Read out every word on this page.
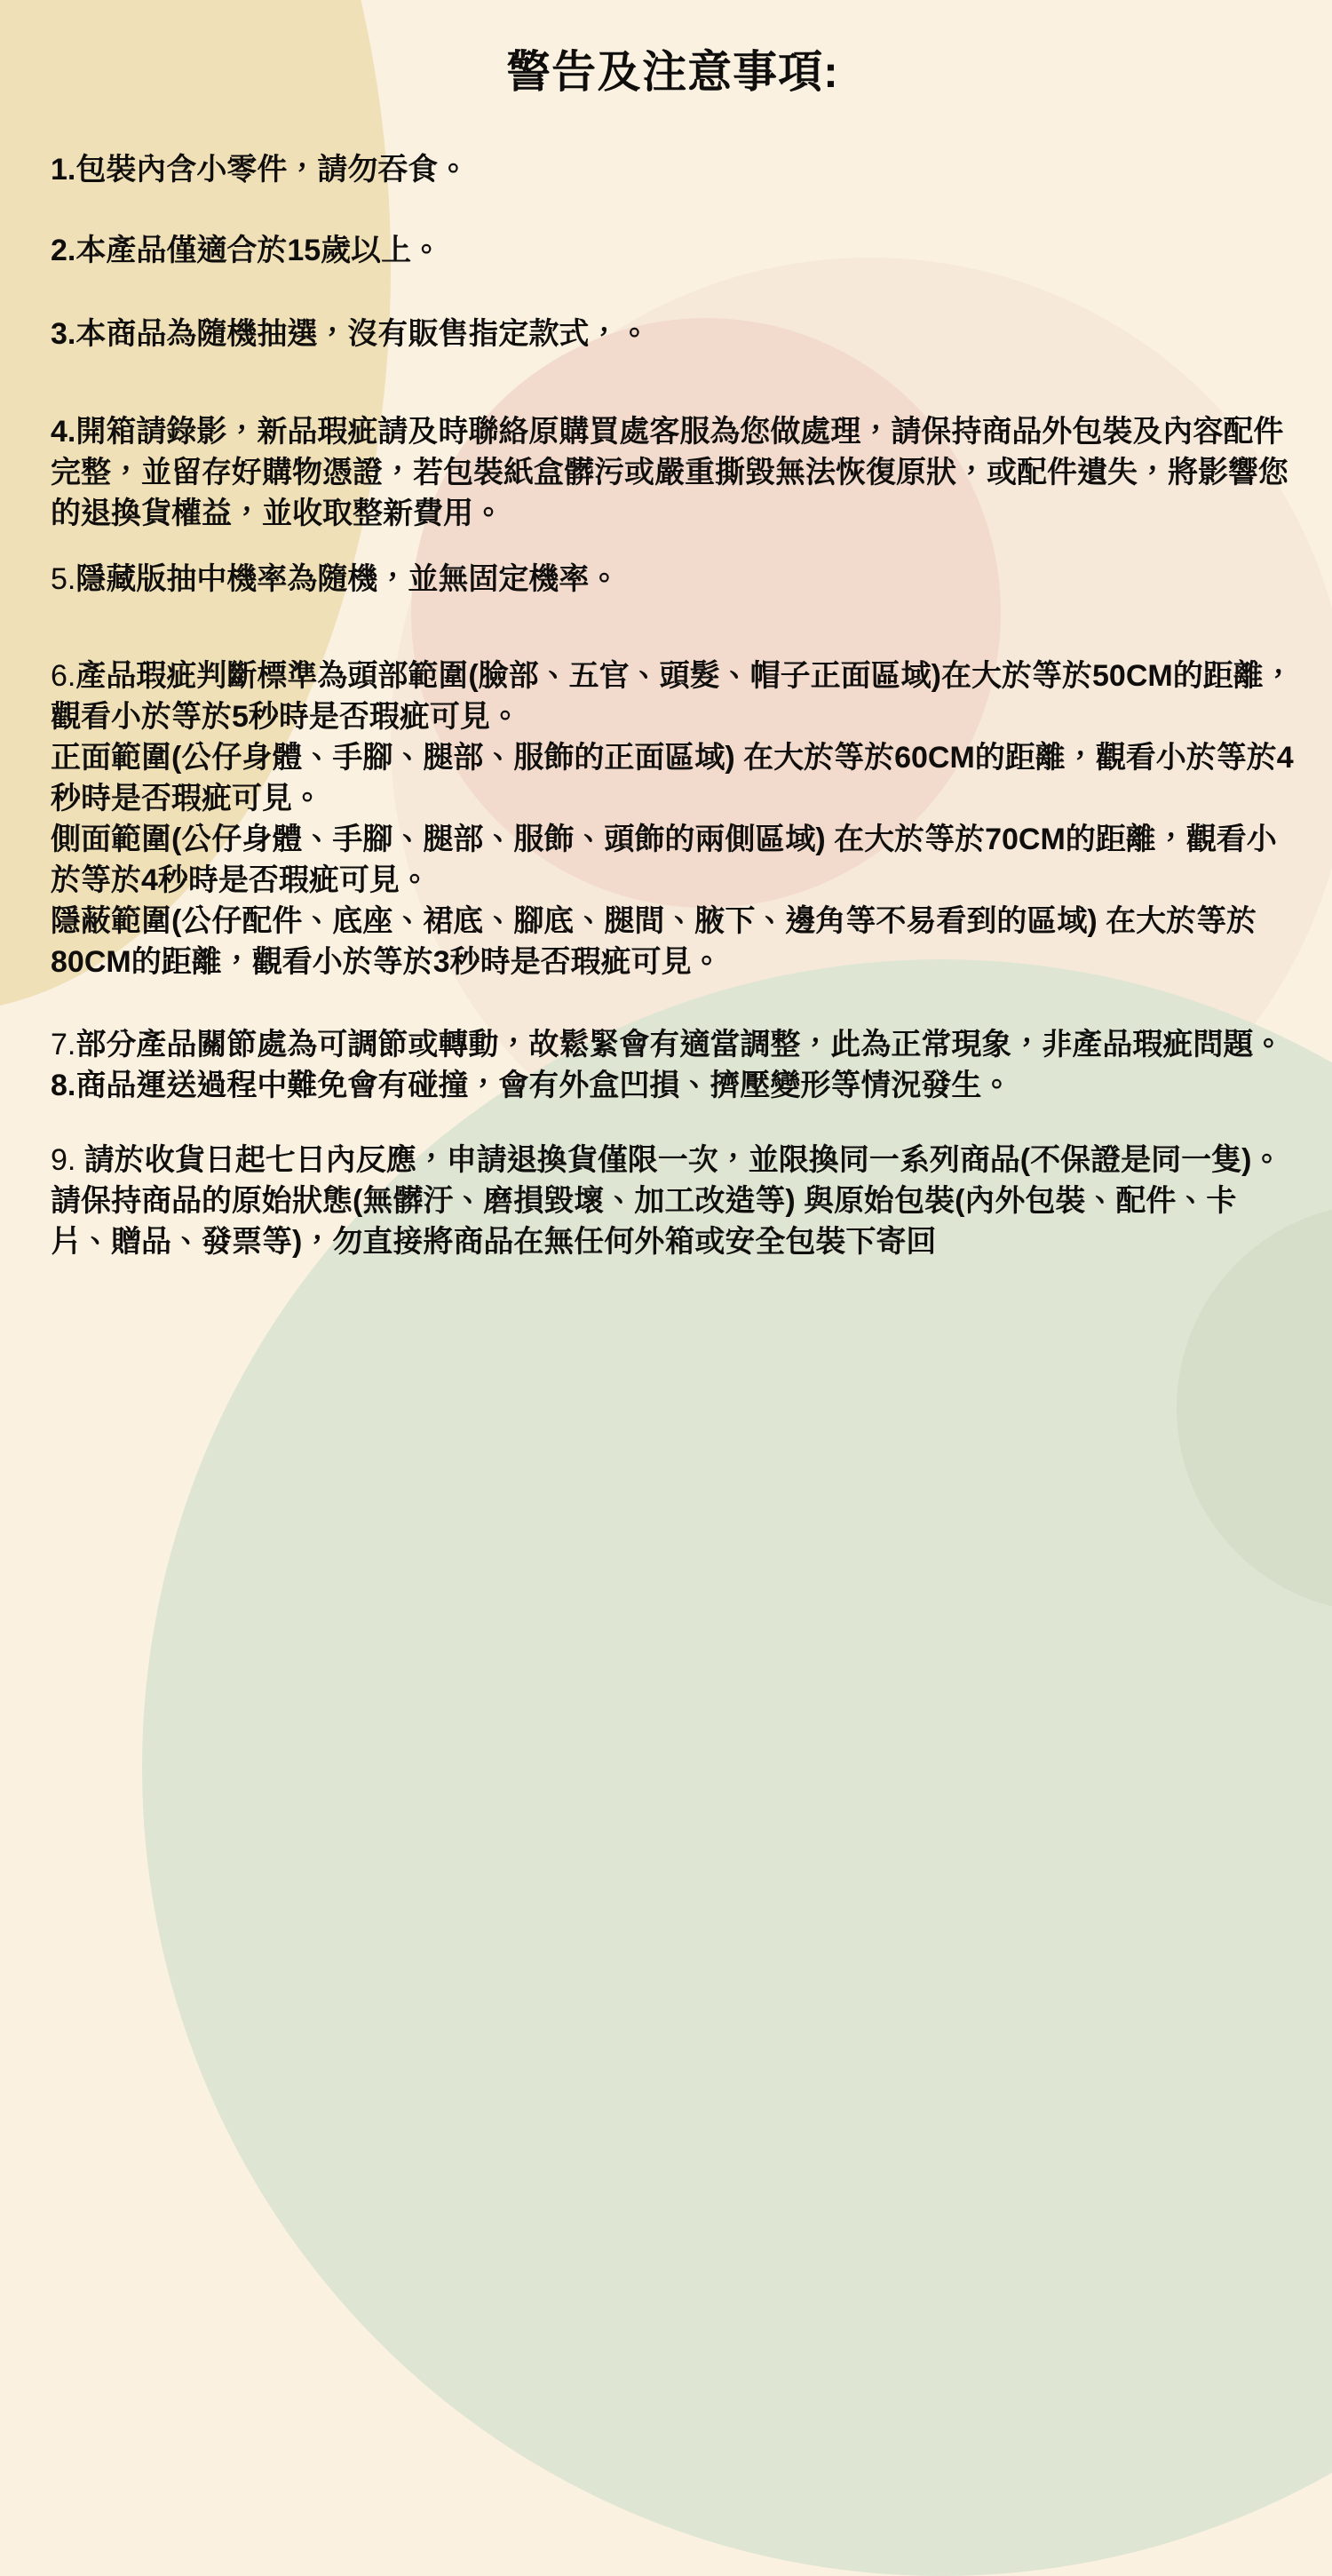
警告及注意事項:

1.包裝內含小零件，請勿吞食。

2.本產品僅適合於15歲以上。

3.本商品為隨機抽選，沒有販售指定款式，。

4.開箱請錄影，新品瑕疵請及時聯絡原購買處客服為您做處理，請保持商品外包裝及內容配件完整，並留存好購物憑證，若包裝紙盒髒污或嚴重撕毀無法恢復原狀，或配件遺失，將影響您的退換貨權益，並收取整新費用。

5.隱藏版抽中機率為隨機，並無固定機率。

6.產品瑕疵判斷標準為頭部範圍(臉部、五官、頭髮、帽子正面區域)在大於等於50CM的距離，觀看小於等於5秒時是否瑕疵可見。

正面範圍(公仔身體、手腳、腿部、服飾的正面區域) 在大於等於60CM的距離，觀看小於等於4秒時是否瑕疵可見。

側面範圍(公仔身體、手腳、腿部、服飾、頭飾的兩側區域) 在大於等於70CM的距離，觀看小於等於4秒時是否瑕疵可見。

隱蔽範圍(公仔配件、底座、裙底、腳底、腿間、腋下、邊角等不易看到的區域) 在大於等於80CM的距離，觀看小於等於3秒時是否瑕疵可見。

7.部分產品關節處為可調節或轉動，故鬆緊會有適當調整，此為正常現象，非產品瑕疵問題。

8.商品運送過程中難免會有碰撞，會有外盒凹損、擠壓變形等情況發生。

9. 請於收貨日起七日內反應，申請退換貨僅限一次，並限換同一系列商品(不保證是同一隻)。請保持商品的原始狀態(無髒汙、磨損毀壞、加工改造等) 與原始包裝(內外包裝、配件、卡片、贈品、發票等)，勿直接將商品在無任何外箱或安全包裝下寄回
